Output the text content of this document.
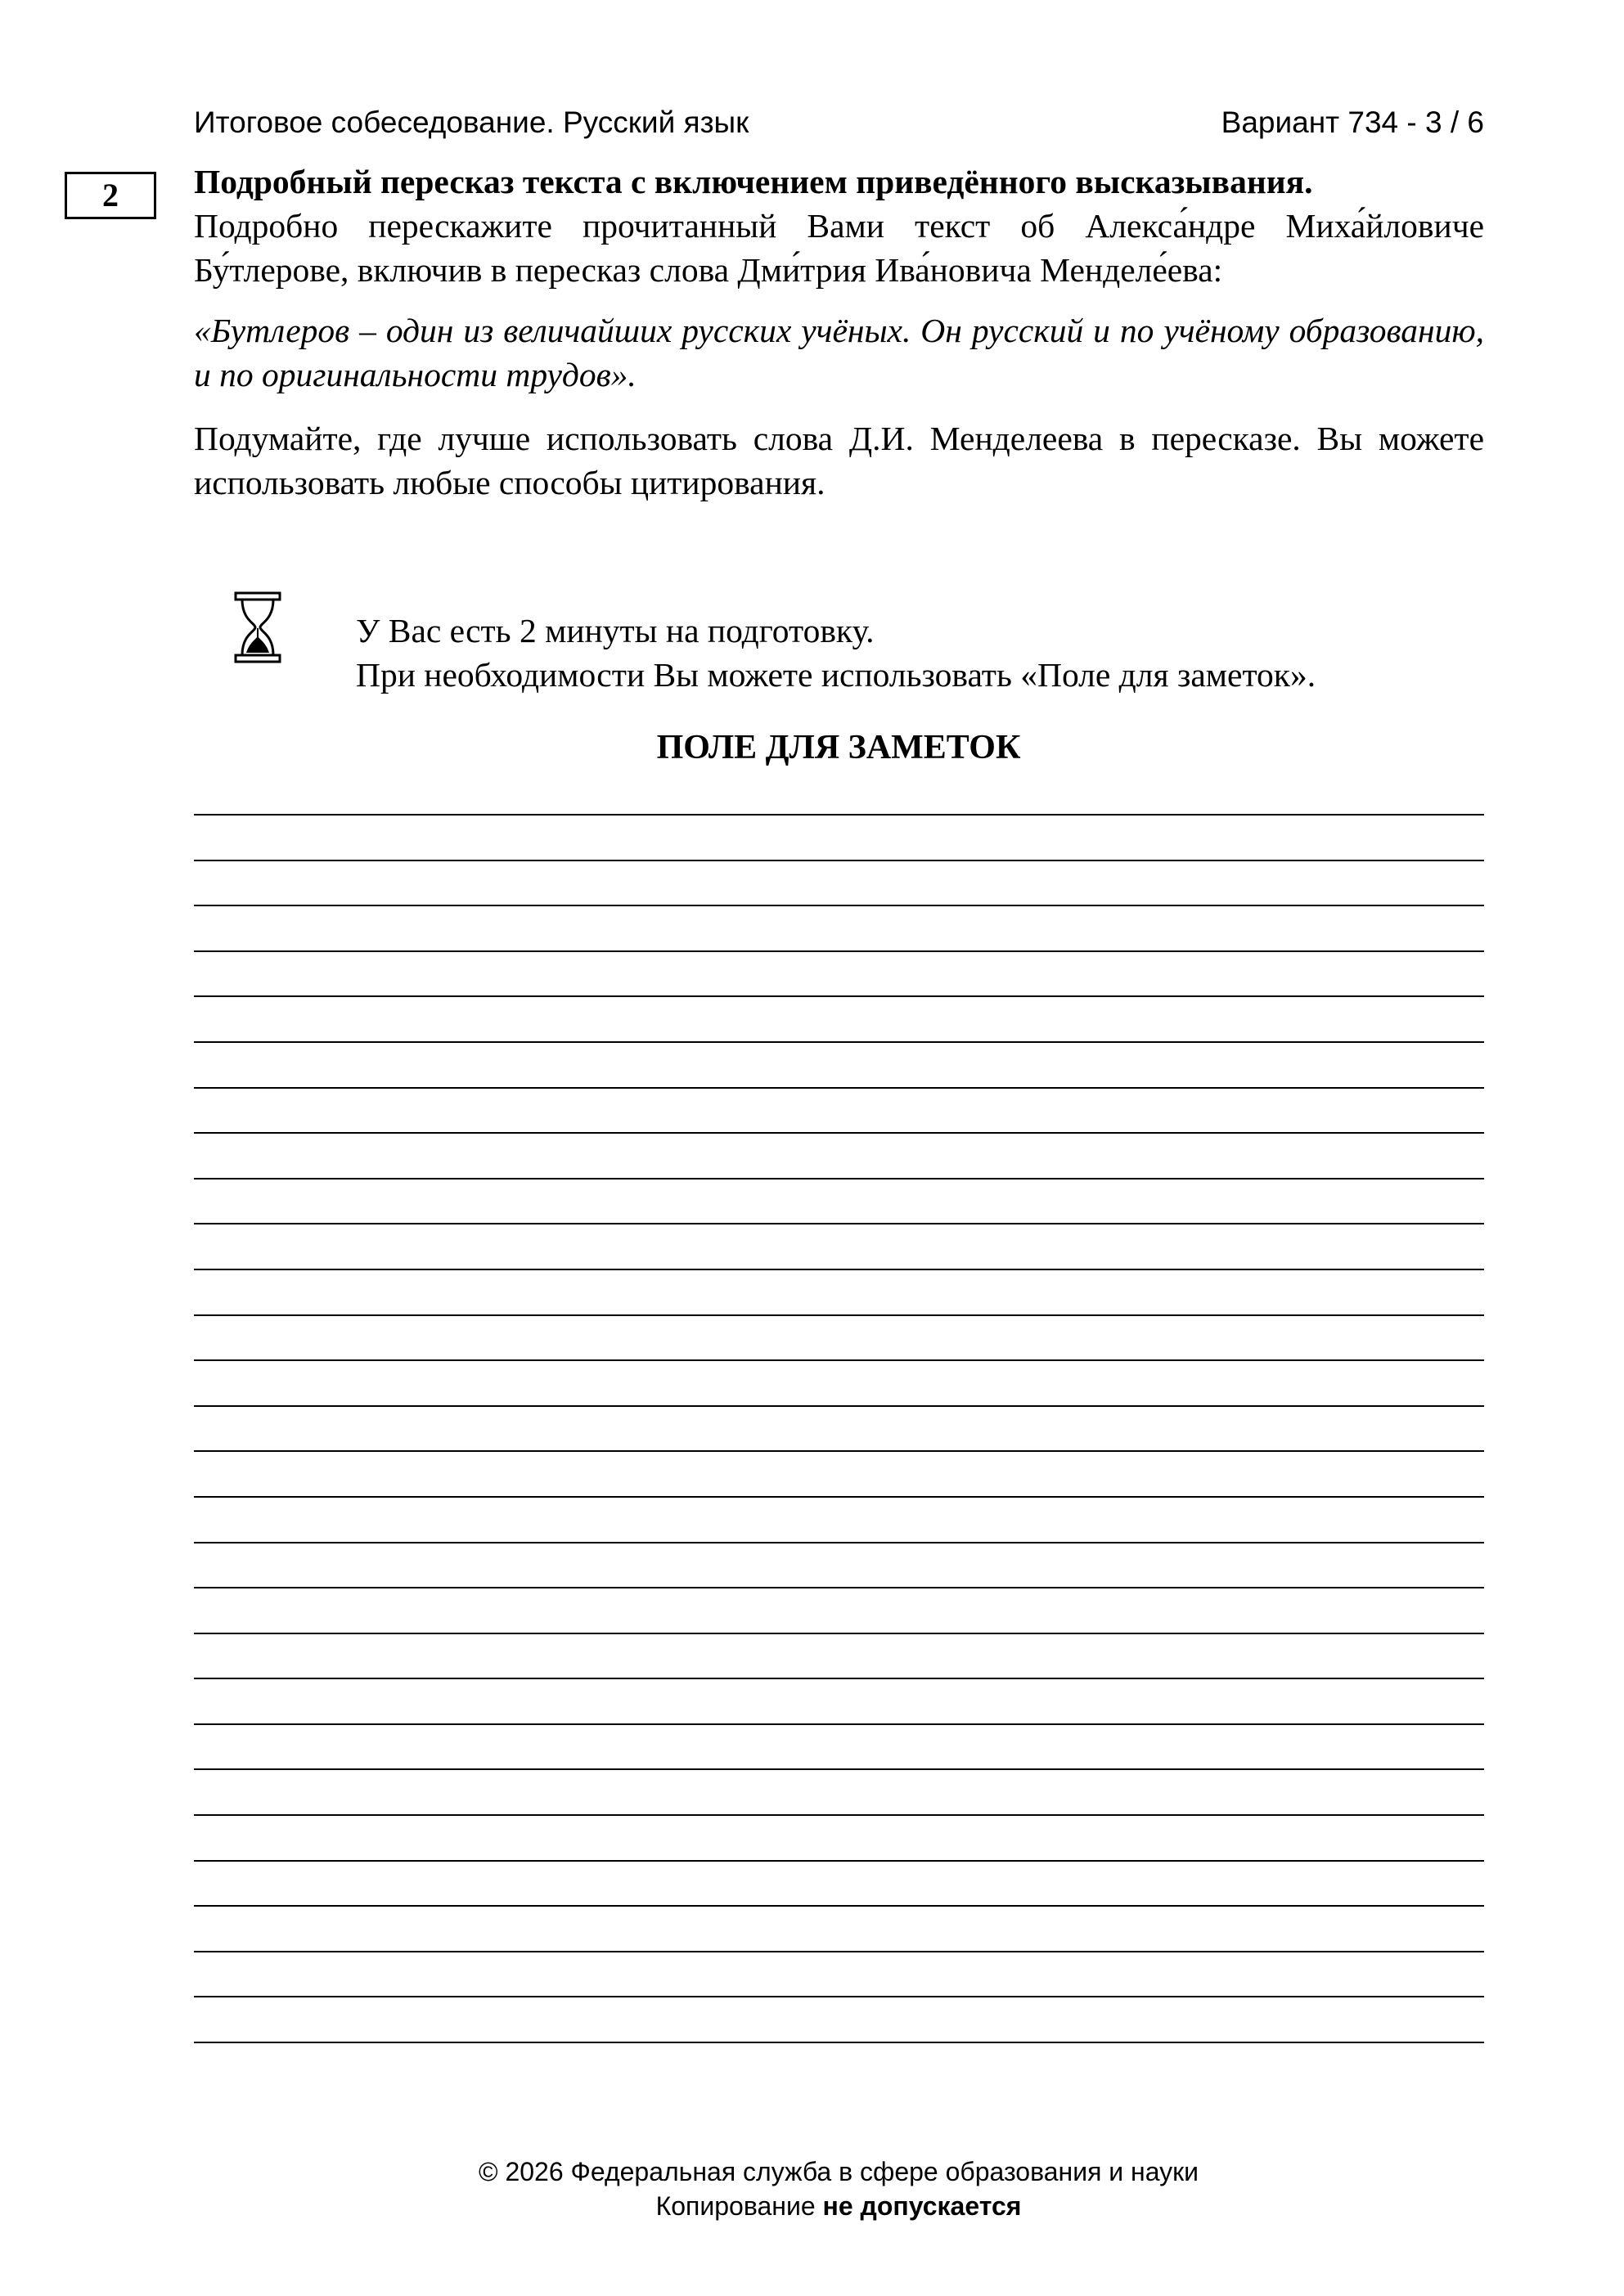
Итоговое собеседование. Русский язык	Вариант 734 - 3 / 6
2	Подробный пересказ текста с включением приведённого высказывания.

Подробно перескажите прочитанный Вами текст об Алекса́ндре Миха́йловиче Бу́тлерове, включив в пересказ слова Дми́трия Ива́новича Менделе́ева:

«Бутлеров – один из величайших русских учёных. Он русский и по учёному образованию, и по оригинальности трудов».

Подумайте, где лучше использовать слова Д.И. Менделеева в пересказе. Вы можете использовать любые способы цитирования.

У Вас есть 2 минуты на подготовку.
При необходимости Вы можете использовать «Поле для заметок».
ПОЛЕ ДЛЯ ЗАМЕТОК
© 2026 Федеральная служба в сфере образования и науки
Копирование не допускается
